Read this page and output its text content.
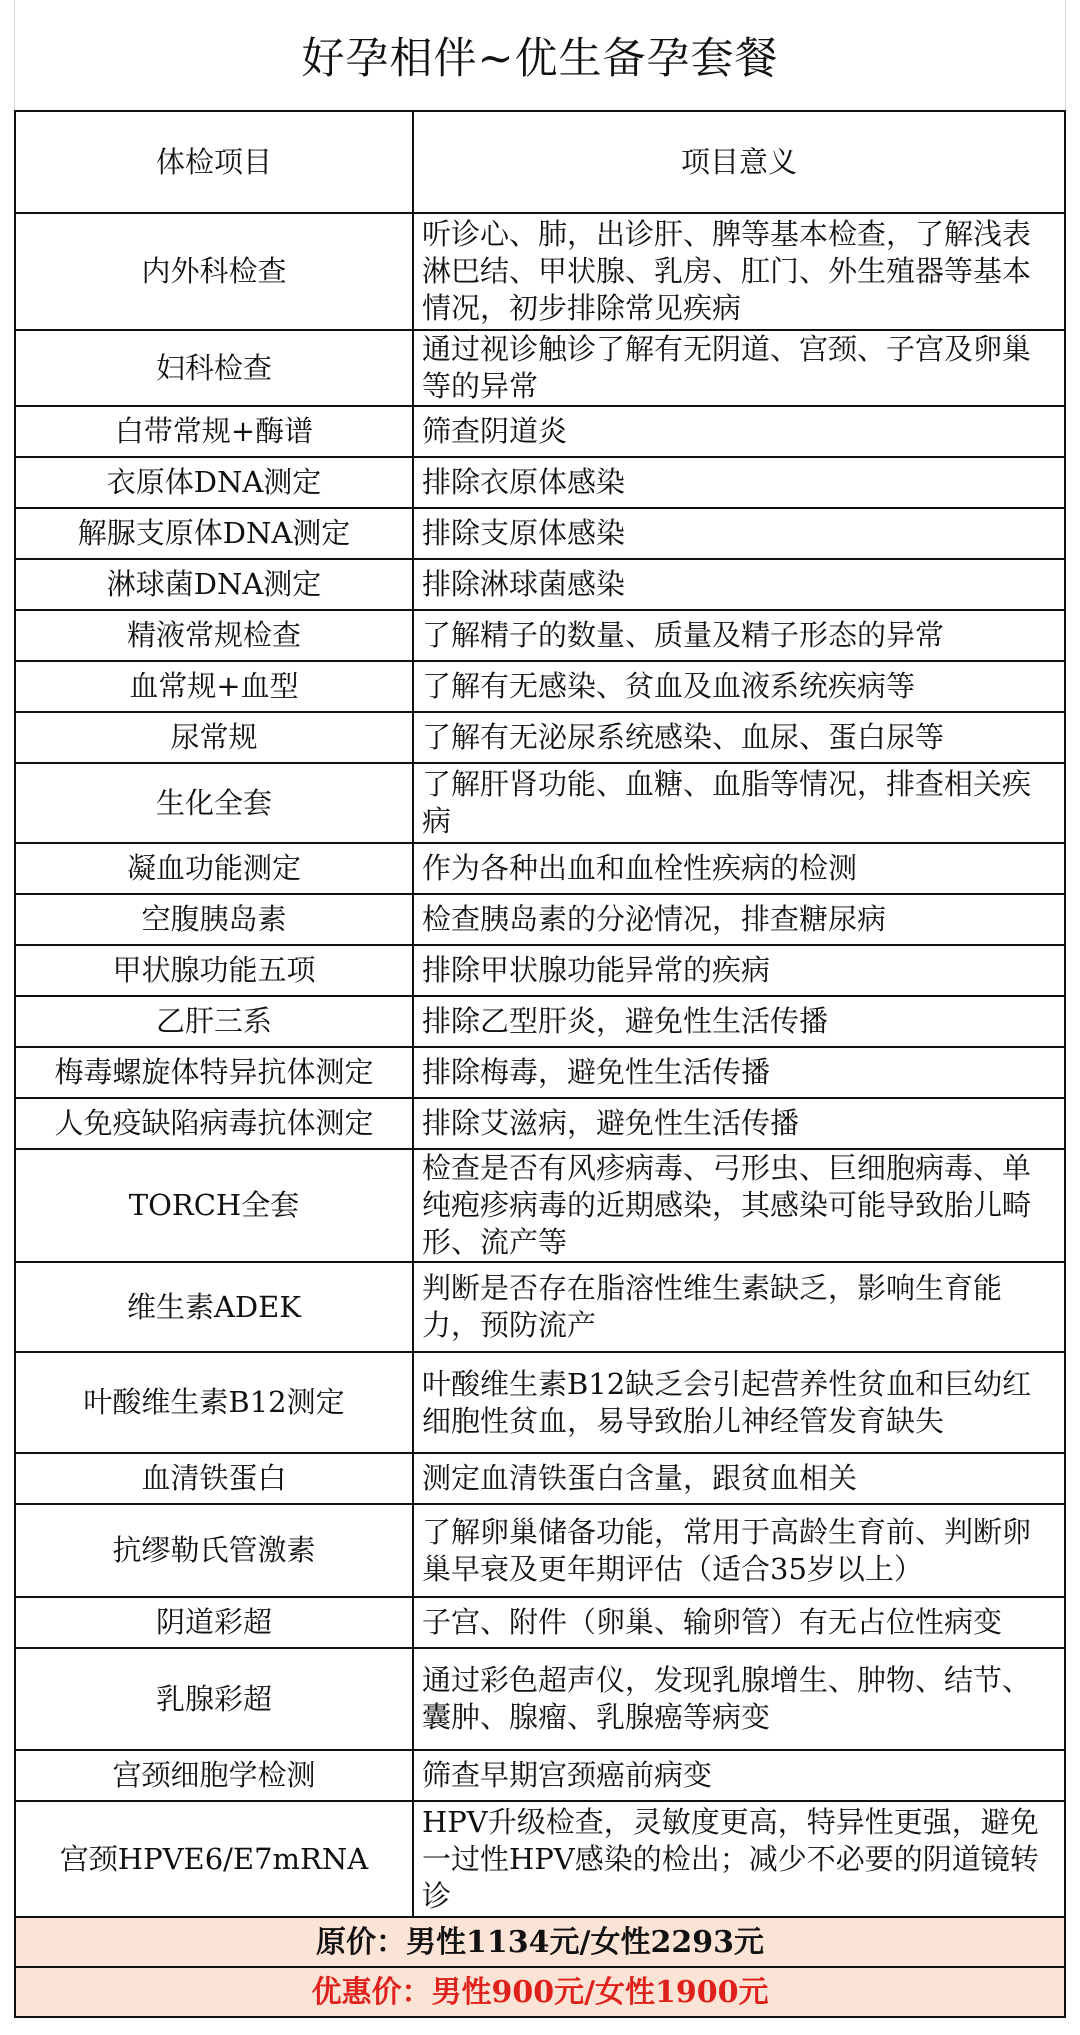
好孕相伴~优生备孕套餐
体检项目	项目意义
内外科检查	听诊心、肺，出诊肝、脾等基本检查，了解浅表淋巴结、甲状腺、乳房、肛门、外生殖器等基本情况，初步排除常见疾病
妇科检查	通过视诊触诊了解有无阴道、宫颈、子宫及卵巢等的异常
白带常规+酶谱	筛查阴道炎
衣原体DNA测定	排除衣原体感染
解脲支原体DNA测定	排除支原体感染
淋球菌DNA测定	排除淋球菌感染
精液常规检查	了解精子的数量、质量及精子形态的异常
血常规+血型	了解有无感染、贫血及血液系统疾病等
尿常规	了解有无泌尿系统感染、血尿、蛋白尿等
生化全套	了解肝肾功能、血糖、血脂等情况，排查相关疾病
凝血功能测定	作为各种出血和血栓性疾病的检测
空腹胰岛素	检查胰岛素的分泌情况，排查糖尿病
甲状腺功能五项	排除甲状腺功能异常的疾病
乙肝三系	排除乙型肝炎，避免性生活传播
梅毒螺旋体特异抗体测定	排除梅毒，避免性生活传播
人免疫缺陷病毒抗体测定	排除艾滋病，避免性生活传播
TORCH全套	检查是否有风疹病毒、弓形虫、巨细胞病毒、单纯疱疹病毒的近期感染，其感染可能导致胎儿畸形、流产等
维生素ADEK	判断是否存在脂溶性维生素缺乏，影响生育能力，预防流产
叶酸维生素B12测定	叶酸维生素B12缺乏会引起营养性贫血和巨幼红细胞性贫血，易导致胎儿神经管发育缺失
血清铁蛋白	测定血清铁蛋白含量，跟贫血相关
抗缪勒氏管激素	了解卵巢储备功能，常用于高龄生育前、判断卵巢早衰及更年期评估（适合35岁以上）
阴道彩超	子宫、附件（卵巢、输卵管）有无占位性病变
乳腺彩超	通过彩色超声仪，发现乳腺增生、肿物、结节、囊肿、腺瘤、乳腺癌等病变
宫颈细胞学检测	筛查早期宫颈癌前病变
宫颈HPVE6/E7mRNA	HPV升级检查，灵敏度更高，特异性更强，避免一过性HPV感染的检出；减少不必要的阴道镜转诊
原价：男性1134元/女性2293元	
优惠价：男性900元/女性1900元	
